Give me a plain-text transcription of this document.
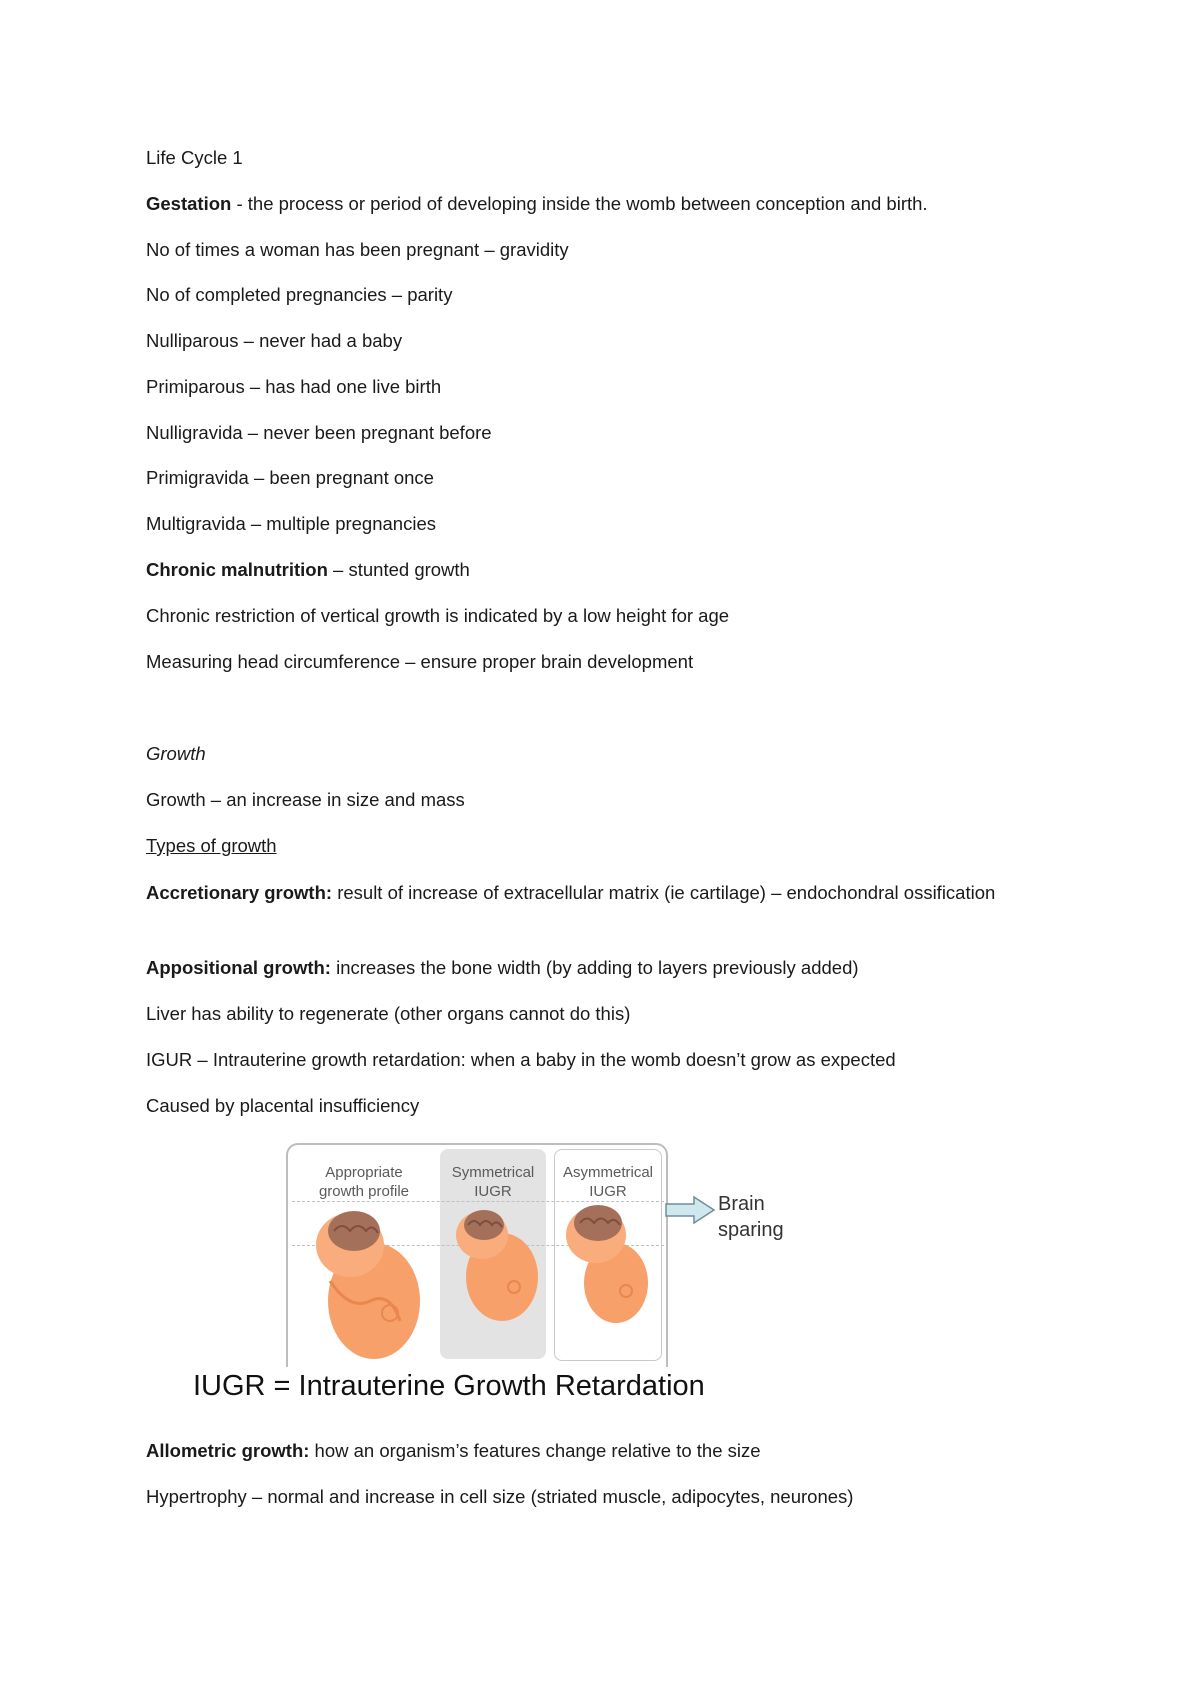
Life Cycle 1
Gestation - the process or period of developing inside the womb between conception and birth.
No of times a woman has been pregnant – gravidity
No of completed pregnancies – parity
Nulliparous – never had a baby
Primiparous – has had one live birth
Nulligravida – never been pregnant before
Primigravida – been pregnant once
Multigravida – multiple pregnancies
Chronic malnutrition – stunted growth
Chronic restriction of vertical growth is indicated by a low height for age
Measuring head circumference – ensure proper brain development
Growth
Growth – an increase in size and mass
Types of growth
Accretionary growth: result of increase of extracellular matrix (ie cartilage) – endochondral ossification
Appositional growth: increases the bone width (by adding to layers previously added)
Liver has ability to regenerate (other organs cannot do this)
IGUR – Intrauterine growth retardation: when a baby in the womb doesn’t grow as expected
Caused by placental insufficiency
Allometric growth: how an organism’s features change relative to the size
Hypertrophy – normal and increase in cell size (striated muscle, adipocytes, neurones)
Appropriate
growth profile
Symmetrical
IUGR
Asymmetrical
IUGR
Brain
sparing
IUGR = Intrauterine Growth Retardation
